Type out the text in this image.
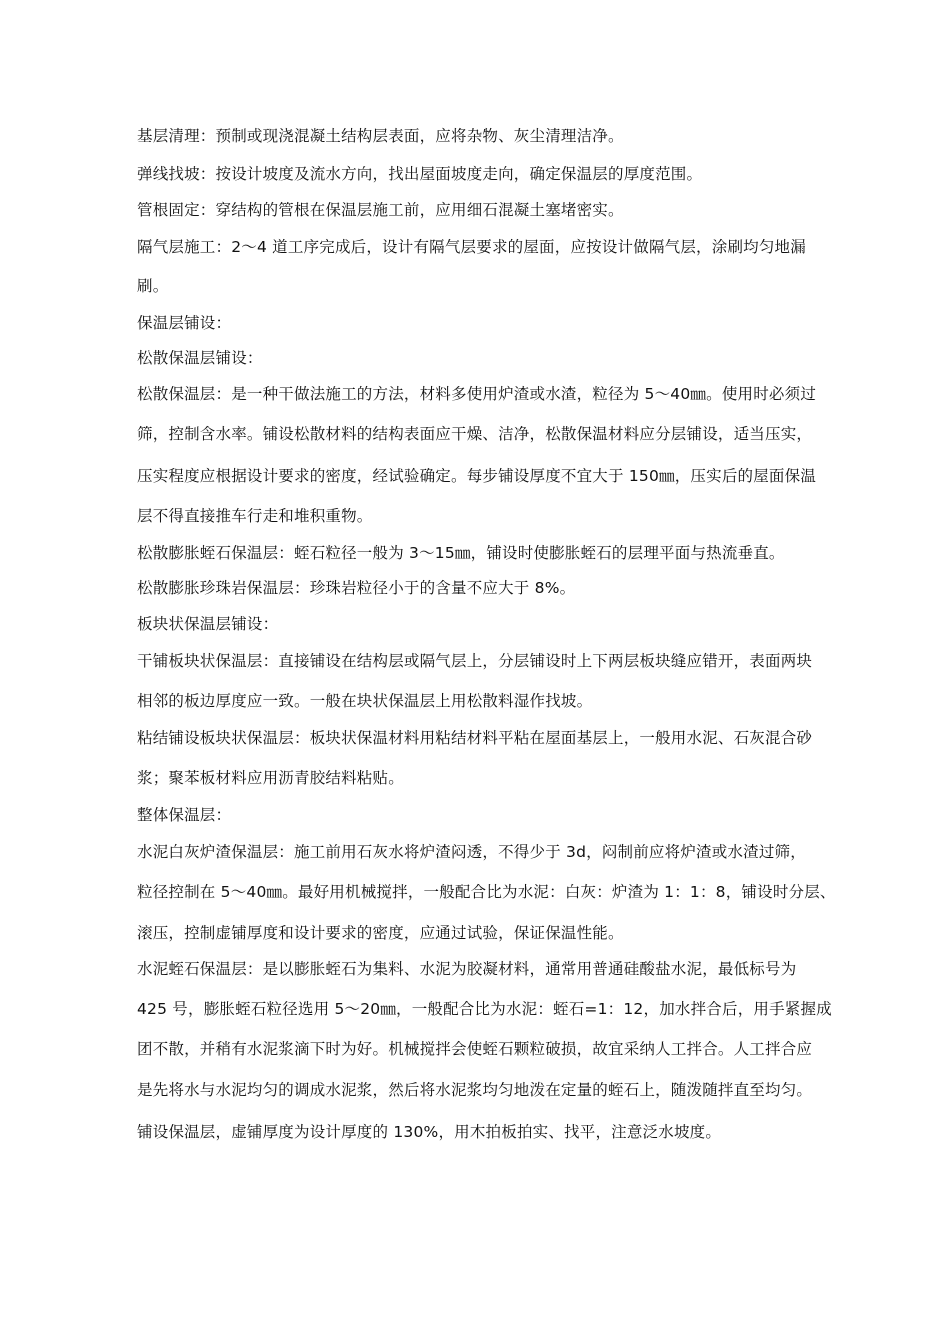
基层清理：预制或现浇混凝土结构层表面，应将杂物、灰尘清理洁净。
弹线找坡：按设计坡度及流水方向，找出屋面坡度走向，确定保温层的厚度范围。
管根固定：穿结构的管根在保温层施工前，应用细石混凝土塞堵密实。
隔气层施工：2～4 道工序完成后，设计有隔气层要求的屋面，应按设计做隔气层，涂刷均匀地漏
刷。
保温层铺设：
松散保温层铺设：
松散保温层：是一种干做法施工的方法，材料多使用炉渣或水渣，粒径为 5～40㎜。使用时必须过
筛，控制含水率。铺设松散材料的结构表面应干燥、洁净，松散保温材料应分层铺设，适当压实，
压实程度应根据设计要求的密度，经试验确定。每步铺设厚度不宜大于 150㎜，压实后的屋面保温
层不得直接推车行走和堆积重物。
松散膨胀蛭石保温层：蛭石粒径一般为 3～15㎜，铺设时使膨胀蛭石的层理平面与热流垂直。
松散膨胀珍珠岩保温层：珍珠岩粒径小于的含量不应大于 8%。
板块状保温层铺设：
干铺板块状保温层：直接铺设在结构层或隔气层上，分层铺设时上下两层板块缝应错开，表面两块
相邻的板边厚度应一致。一般在块状保温层上用松散料湿作找坡。
粘结铺设板块状保温层：板块状保温材料用粘结材料平粘在屋面基层上，一般用水泥、石灰混合砂
浆；聚苯板材料应用沥青胶结料粘贴。
整体保温层：
水泥白灰炉渣保温层：施工前用石灰水将炉渣闷透，不得少于 3d，闷制前应将炉渣或水渣过筛，
粒径控制在 5～40㎜。最好用机械搅拌，一般配合比为水泥：白灰：炉渣为 1：1：8，铺设时分层、
滚压，控制虚铺厚度和设计要求的密度，应通过试验，保证保温性能。
水泥蛭石保温层：是以膨胀蛭石为集料、水泥为胶凝材料，通常用普通硅酸盐水泥，最低标号为
425 号，膨胀蛭石粒径选用 5～20㎜，一般配合比为水泥：蛭石=1：12，加水拌合后，用手紧握成
团不散，并稍有水泥浆滴下时为好。机械搅拌会使蛭石颗粒破损，故宜采纳人工拌合。人工拌合应
是先将水与水泥均匀的调成水泥浆，然后将水泥浆均匀地泼在定量的蛭石上，随泼随拌直至均匀。
铺设保温层，虚铺厚度为设计厚度的 130%，用木拍板拍实、找平，注意泛水坡度。
